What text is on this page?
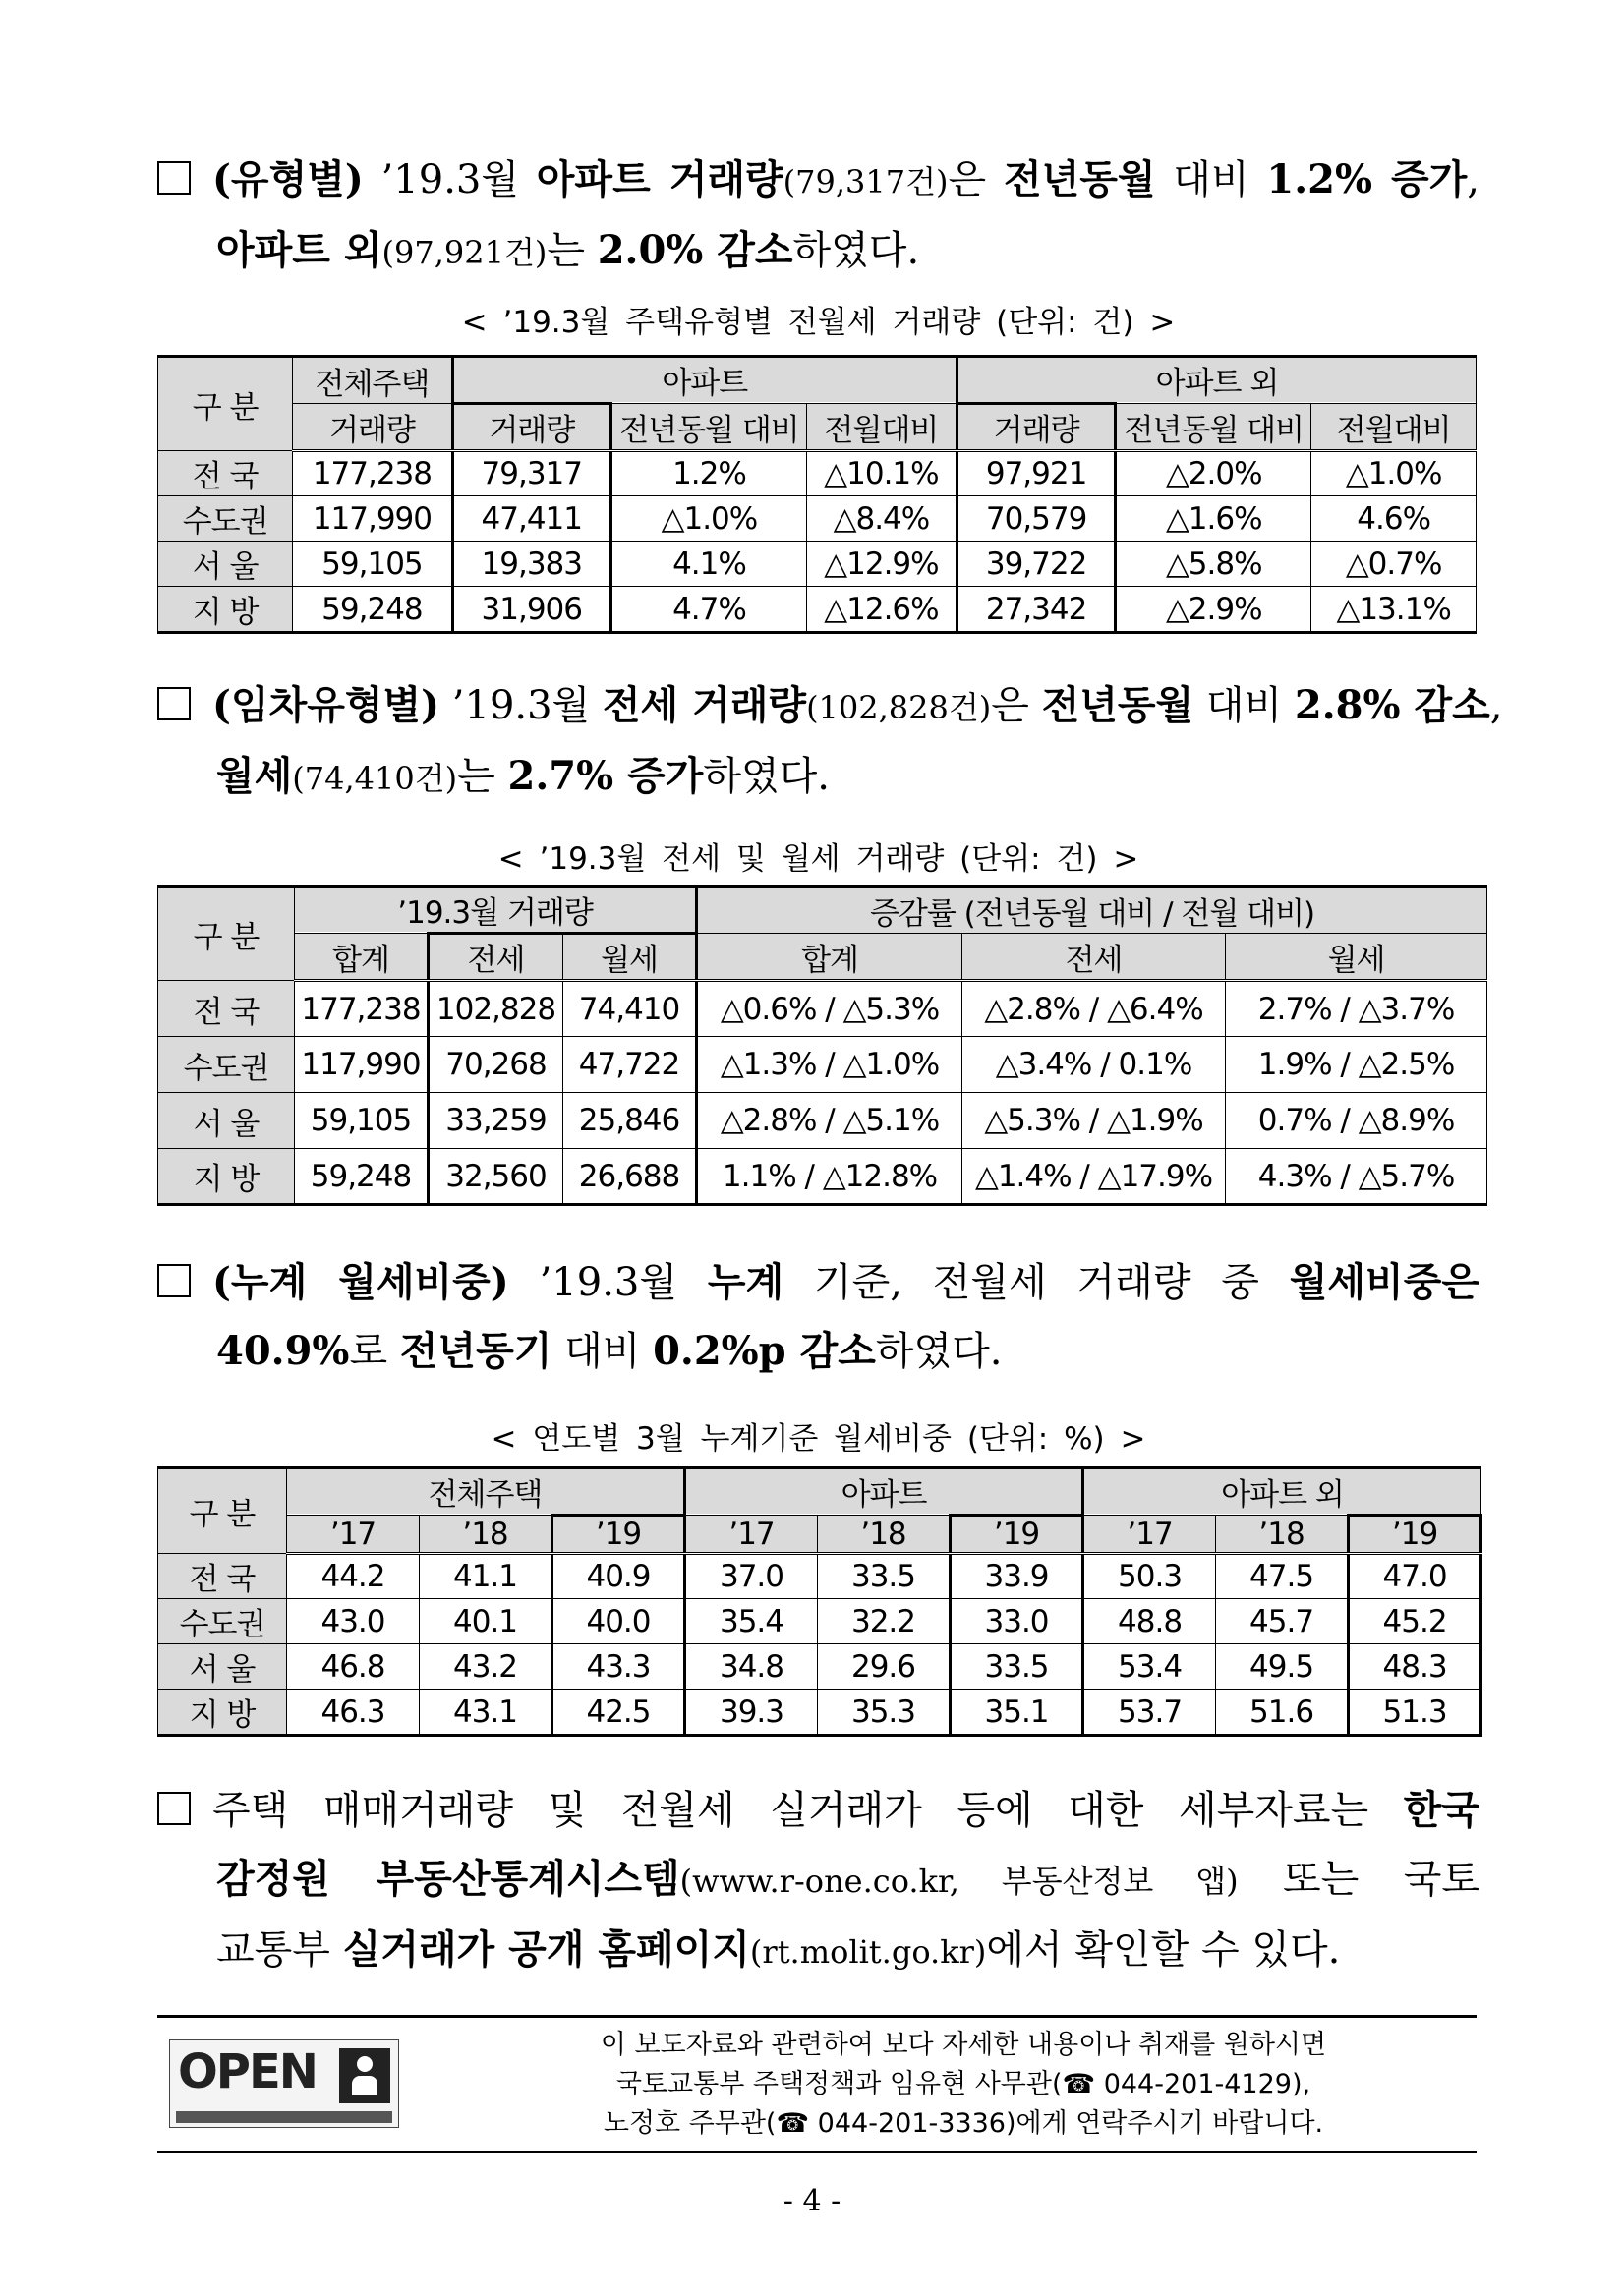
(유형별) ’19.3월 아파트 거래량(79,317건)은 전년동월 대비 1.2% 증가,
아파트 외(97,921건)는 2.0% 감소하였다.
< ’19.3월 주택유형별 전월세 거래량 (단위: 건) >
구 분	전체주택	아파트			아파트 외		
	거래량	거래량	전년동월 대비	전월대비	거래량	전년동월 대비	전월대비
전 국	177,238	79,317	1.2%	△10.1%	97,921	△2.0%	△1.0%
수도권	117,990	47,411	△1.0%	△8.4%	70,579	△1.6%	4.6%
서 울	59,105	19,383	4.1%	△12.9%	39,722	△5.8%	△0.7%
지 방	59,248	31,906	4.7%	△12.6%	27,342	△2.9%	△13.1%
(임차유형별) ’19.3월 전세 거래량(102,828건)은 전년동월 대비 2.8% 감소,
월세(74,410건)는 2.7% 증가하였다.
< ’19.3월 전세 및 월세 거래량 (단위: 건) >
구 분	’19.3월 거래량			증감률 (전년동월 대비 / 전월 대비)		
	합계	전세	월세	합계	전세	월세
전 국	177,238	102,828	74,410	△0.6% / △5.3%	△2.8% / △6.4%	2.7% / △3.7%
수도권	117,990	70,268	47,722	△1.3% / △1.0%	△3.4% / 0.1%	1.9% / △2.5%
서 울	59,105	33,259	25,846	△2.8% / △5.1%	△5.3% / △1.9%	0.7% / △8.9%
지 방	59,248	32,560	26,688	1.1% / △12.8%	△1.4% / △17.9%	4.3% / △5.7%
(누계 월세비중) ’19.3월 누계 기준, 전월세 거래량 중 월세비중은
40.9%로 전년동기 대비 0.2%p 감소하였다.
< 연도별 3월 누계기준 월세비중 (단위: %) >
구 분	전체주택			아파트			아파트 외		
	’17	’18	’19	’17	’18	’19	’17	’18	’19
전 국	44.2	41.1	40.9	37.0	33.5	33.9	50.3	47.5	47.0
수도권	43.0	40.1	40.0	35.4	32.2	33.0	48.8	45.7	45.2
서 울	46.8	43.2	43.3	34.8	29.6	33.5	53.4	49.5	48.3
지 방	46.3	43.1	42.5	39.3	35.3	35.1	53.7	51.6	51.3
주택 매매거래량 및 전월세 실거래가 등에 대한 세부자료는 한국
감정원 부동산통계시스템(www.r-one.co.kr, 부동산정보 앱) 또는 국토
교통부 실거래가 공개 홈페이지(rt.molit.go.kr)에서 확인할 수 있다.
OPEN	이 보도자료와 관련하여 보다 자세한 내용이나 취재를 원하시면
국토교통부 주택정책과 임유현 사무관(☎ 044-201-4129),
노정호 주무관(☎ 044-201-3336)에게 연락주시기 바랍니다.
- 4 -
